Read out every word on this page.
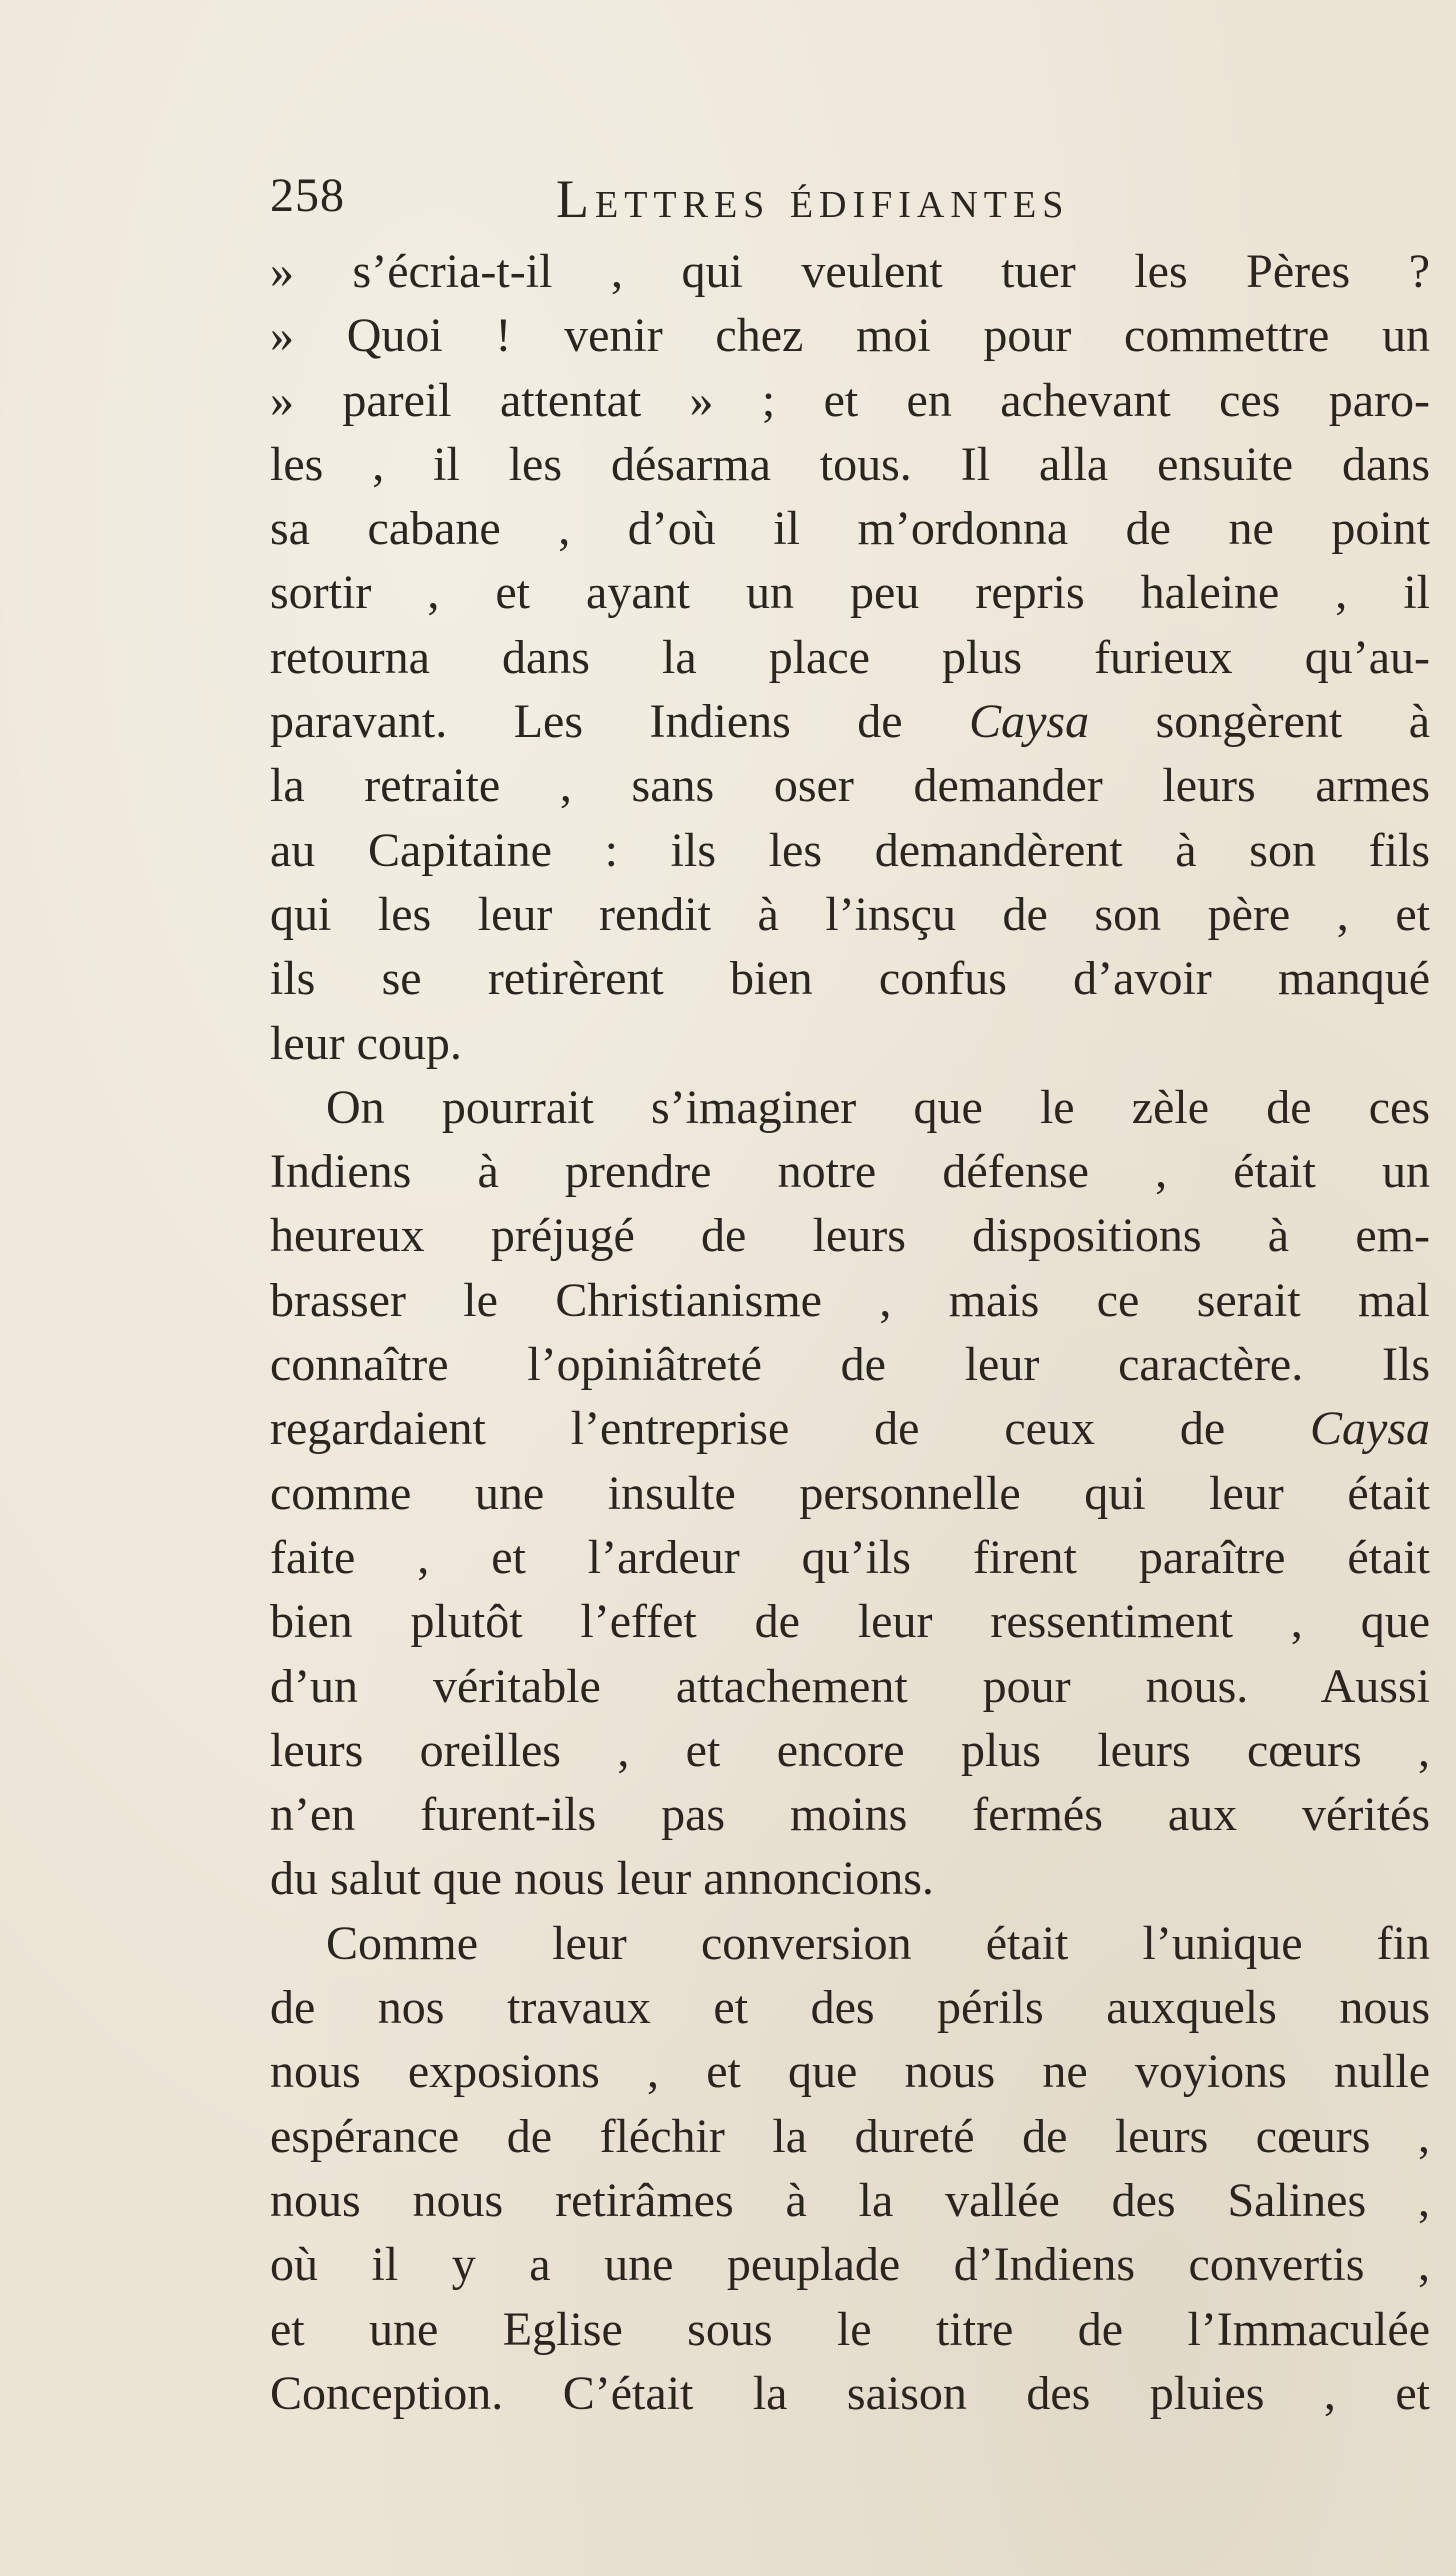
258	Lettres édifiantes
» s’écria-t-il , qui veulent tuer les Pères ?
» Quoi ! venir chez moi pour commettre un
» pareil attentat » ; et en achevant ces paro-
les , il les désarma tous. Il alla ensuite dans
sa cabane , d’où il m’ordonna de ne point
sortir , et ayant un peu repris haleine , il
retourna dans la place plus furieux qu’au-
paravant. Les Indiens de Caysa songèrent à
la retraite , sans oser demander leurs armes
au Capitaine : ils les demandèrent à son fils
qui les leur rendit à l’insçu de son père , et
ils se retirèrent bien confus d’avoir manqué
leur coup.
On pourrait s’imaginer que le zèle de ces
Indiens à prendre notre défense , était un
heureux préjugé de leurs dispositions à em-
brasser le Christianisme , mais ce serait mal
connaître l’opiniâtreté de leur caractère. Ils
regardaient l’entreprise de ceux de Caysa
comme une insulte personnelle qui leur était
faite , et l’ardeur qu’ils firent paraître était
bien plutôt l’effet de leur ressentiment , que
d’un véritable attachement pour nous. Aussi
leurs oreilles , et encore plus leurs cœurs ,
n’en furent-ils pas moins fermés aux vérités
du salut que nous leur annoncions.
Comme leur conversion était l’unique fin
de nos travaux et des périls auxquels nous
nous exposions , et que nous ne voyions nulle
espérance de fléchir la dureté de leurs cœurs ,
nous nous retirâmes à la vallée des Salines ,
où il y a une peuplade d’Indiens convertis ,
et une Eglise sous le titre de l’Immaculée
Conception. C’était la saison des pluies , et
